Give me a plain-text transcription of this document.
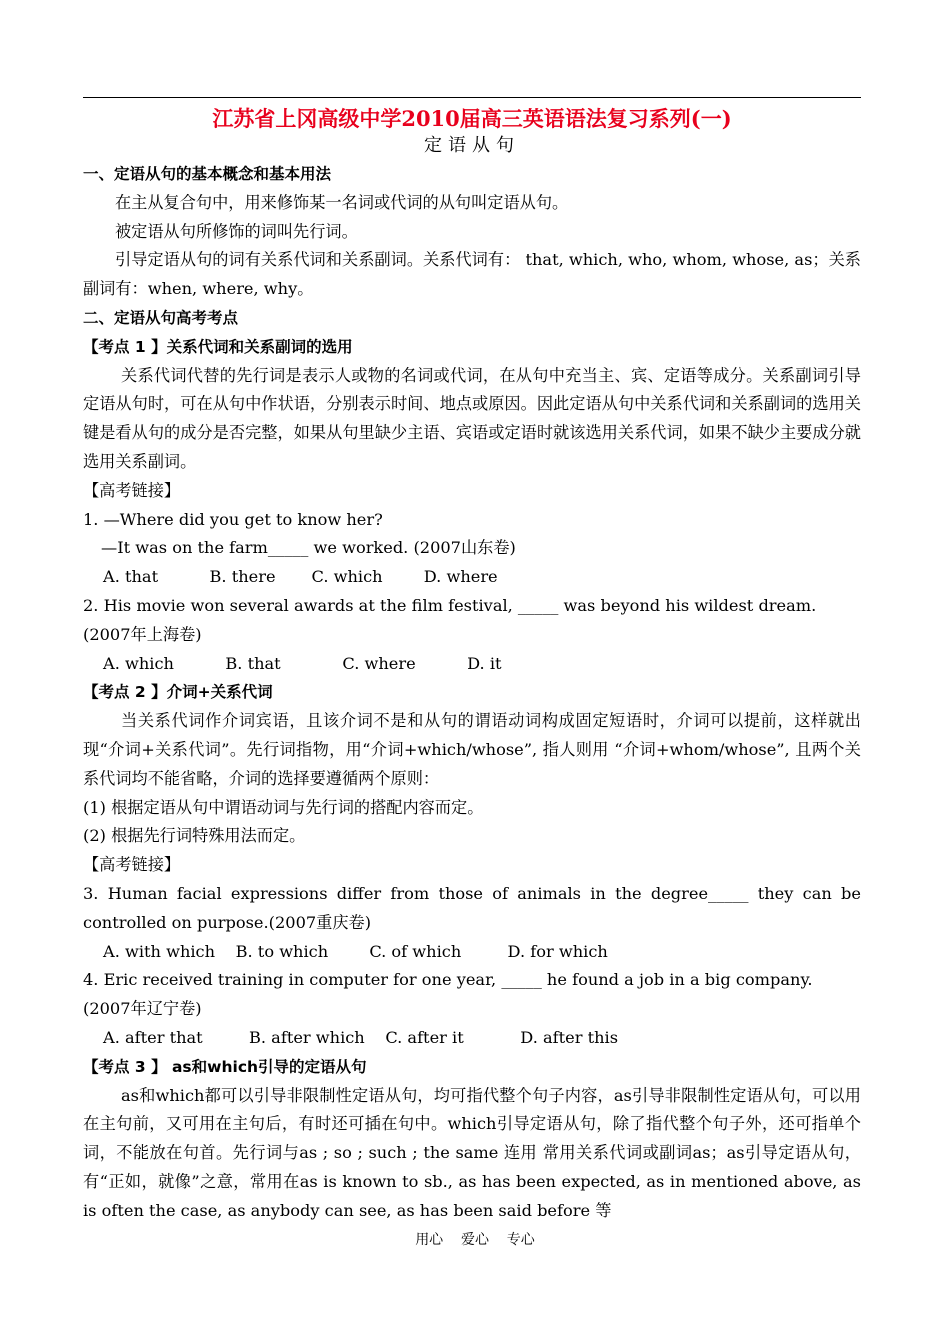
江苏省上冈高级中学2010届高三英语语法复习系列(一)
定语从句

一、定语从句的基本概念和基本用法

在主从复合句中，用来修饰某一名词或代词的从句叫定语从句。

被定语从句所修饰的词叫先行词。

引导定语从句的词有关系代词和关系副词。关系代词有： that, which, who, whom, whose, as；关系副词有：when, where, why。

二、定语从句高考考点

【考点 1 】关系代词和关系副词的选用

关系代词代替的先行词是表示人或物的名词或代词，在从句中充当主、宾、定语等成分。关系副词引导定语从句时，可在从句中作状语，分别表示时间、地点或原因。因此定语从句中关系代词和关系副词的选用关键是看从句的成分是否完整，如果从句里缺少主语、宾语或定语时就该选用关系代词，如果不缺少主要成分就选用关系副词。

【高考链接】

1. —Where did you get to know her?

—It was on the farm_____ we worked. (2007山东卷)

A. that          B. there       C. which        D. where

2. His movie won several awards at the film festival, _____ was beyond his wildest dream.

(2007年上海卷)

A. which          B. that            C. where          D. it

【考点 2 】介词+关系代词

当关系代词作介词宾语，且该介词不是和从句的谓语动词构成固定短语时，介词可以提前，这样就出现“介词+关系代词”。先行词指物，用“介词+which/whose”, 指人则用 “介词+whom/whose”, 且两个关系代词均不能省略，介词的选择要遵循两个原则：

(1) 根据定语从句中谓语动词与先行词的搭配内容而定。

(2) 根据先行词特殊用法而定。

【高考链接】

3. Human facial expressions differ from those of animals in the degree_____ they can be controlled on purpose.(2007重庆卷)

A. with which    B. to which        C. of which         D. for which

4. Eric received training in computer for one year, _____ he found a job in a big company.

(2007年辽宁卷)

A. after that         B. after which    C. after it           D. after this

【考点 3 】 as和which引导的定语从句

as和which都可以引导非限制性定语从句，均可指代整个句子内容，as引导非限制性定语从句，可以用在主句前，又可用在主句后，有时还可插在句中。which引导定语从句，除了指代整个句子外，还可指单个词，不能放在句首。先行词与as ; so ; such ; the same 连用 常用关系代词或副词as；as引导定语从句，有“正如，就像”之意，常用在as is known to sb., as has been expected, as in mentioned above, as is often the case, as anybody can see, as has been said before 等

用心    爱心    专心
